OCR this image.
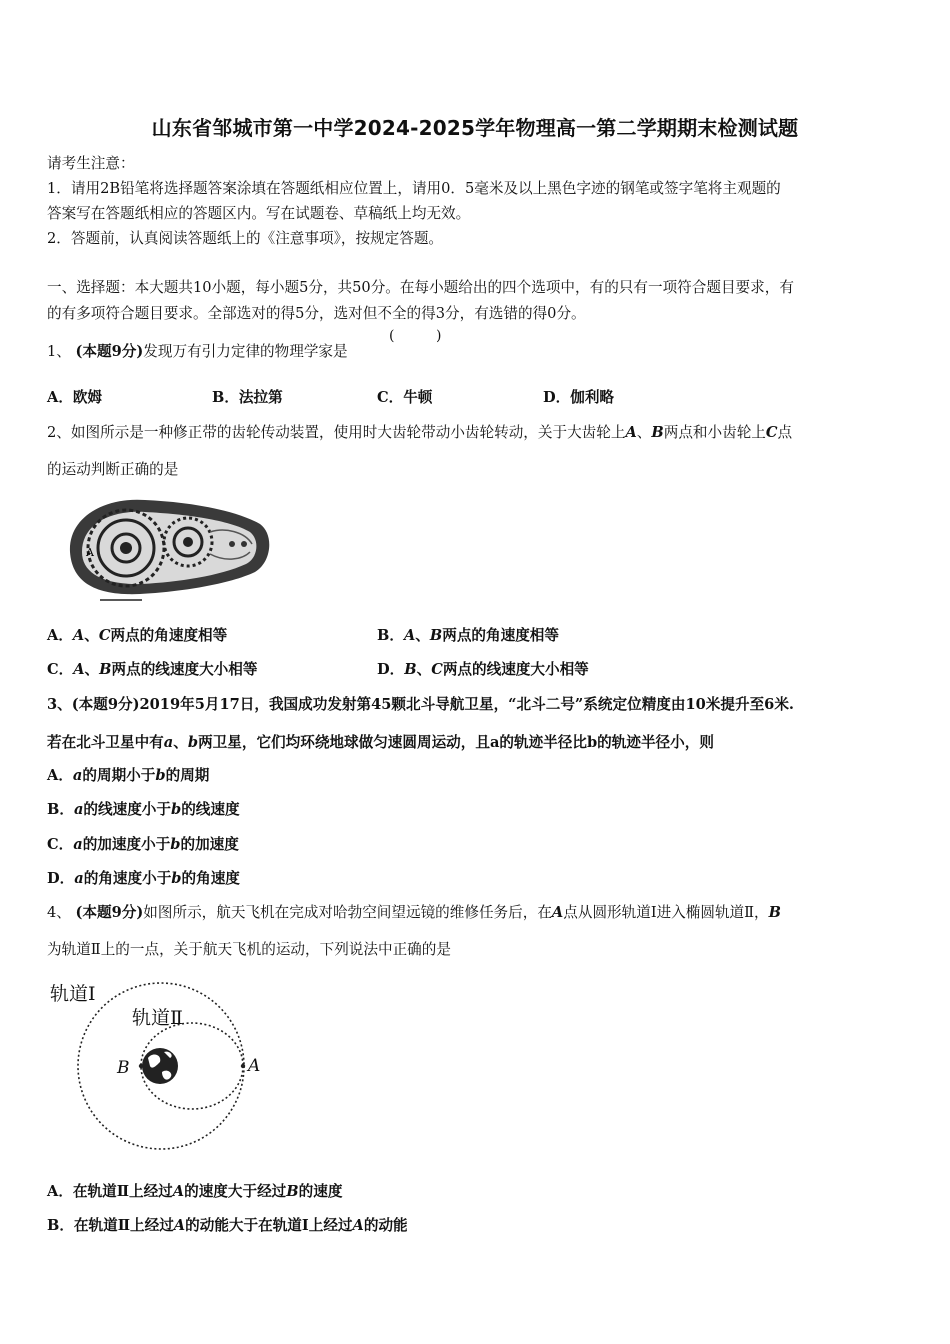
山东省邹城市第一中学2024-2025学年物理高一第二学期期末检测试题
请考生注意：
1．请用2B铅笔将选择题答案涂填在答题纸相应位置上，请用0．5毫米及以上黑色字迹的钢笔或签字笔将主观题的
答案写在答题纸相应的答题区内。写在试题卷、草稿纸上均无效。
2．答题前，认真阅读答题纸上的《注意事项》，按规定答题。
一、选择题：本大题共10小题，每小题5分，共50分。在每小题给出的四个选项中，有的只有一项符合题目要求，有
的有多项符合题目要求。全部选对的得5分，选对但不全的得3分，有选错的得0分。
1、 (本题9分)发现万有引力定律的物理学家是
(	)
A．欧姆	B．法拉第	C．牛顿	D．伽利略
2、如图所示是一种修正带的齿轮传动装置，使用时大齿轮带动小齿轮转动，关于大齿轮上A、B两点和小齿轮上C点
的运动判断正确的是
A
A．A、C两点的角速度相等	B．A、B两点的角速度相等
C．A、B两点的线速度大小相等	D．B、C两点的线速度大小相等
3、(本题9分)2019年5月17日，我国成功发射第45颗北斗导航卫星，“北斗二号”系统定位精度由10米提升至6米.
若在北斗卫星中有a、b两卫星，它们均环绕地球做匀速圆周运动，且a的轨迹半径比b的轨迹半径小，则
A．a的周期小于b的周期
B．a的线速度小于b的线速度
C．a的加速度小于b的加速度
D．a的角速度小于b的角速度
4、 (本题9分)如图所示，航天飞机在完成对哈勃空间望远镜的维修任务后，在A点从圆形轨道Ⅰ进入椭圆轨道Ⅱ，B
为轨道Ⅱ上的一点，关于航天飞机的运动，下列说法中正确的是
轨道Ⅰ
轨道Ⅱ
B	A
A．在轨道Ⅱ上经过A的速度大于经过B的速度
B．在轨道Ⅱ上经过A的动能大于在轨道I上经过A的动能
